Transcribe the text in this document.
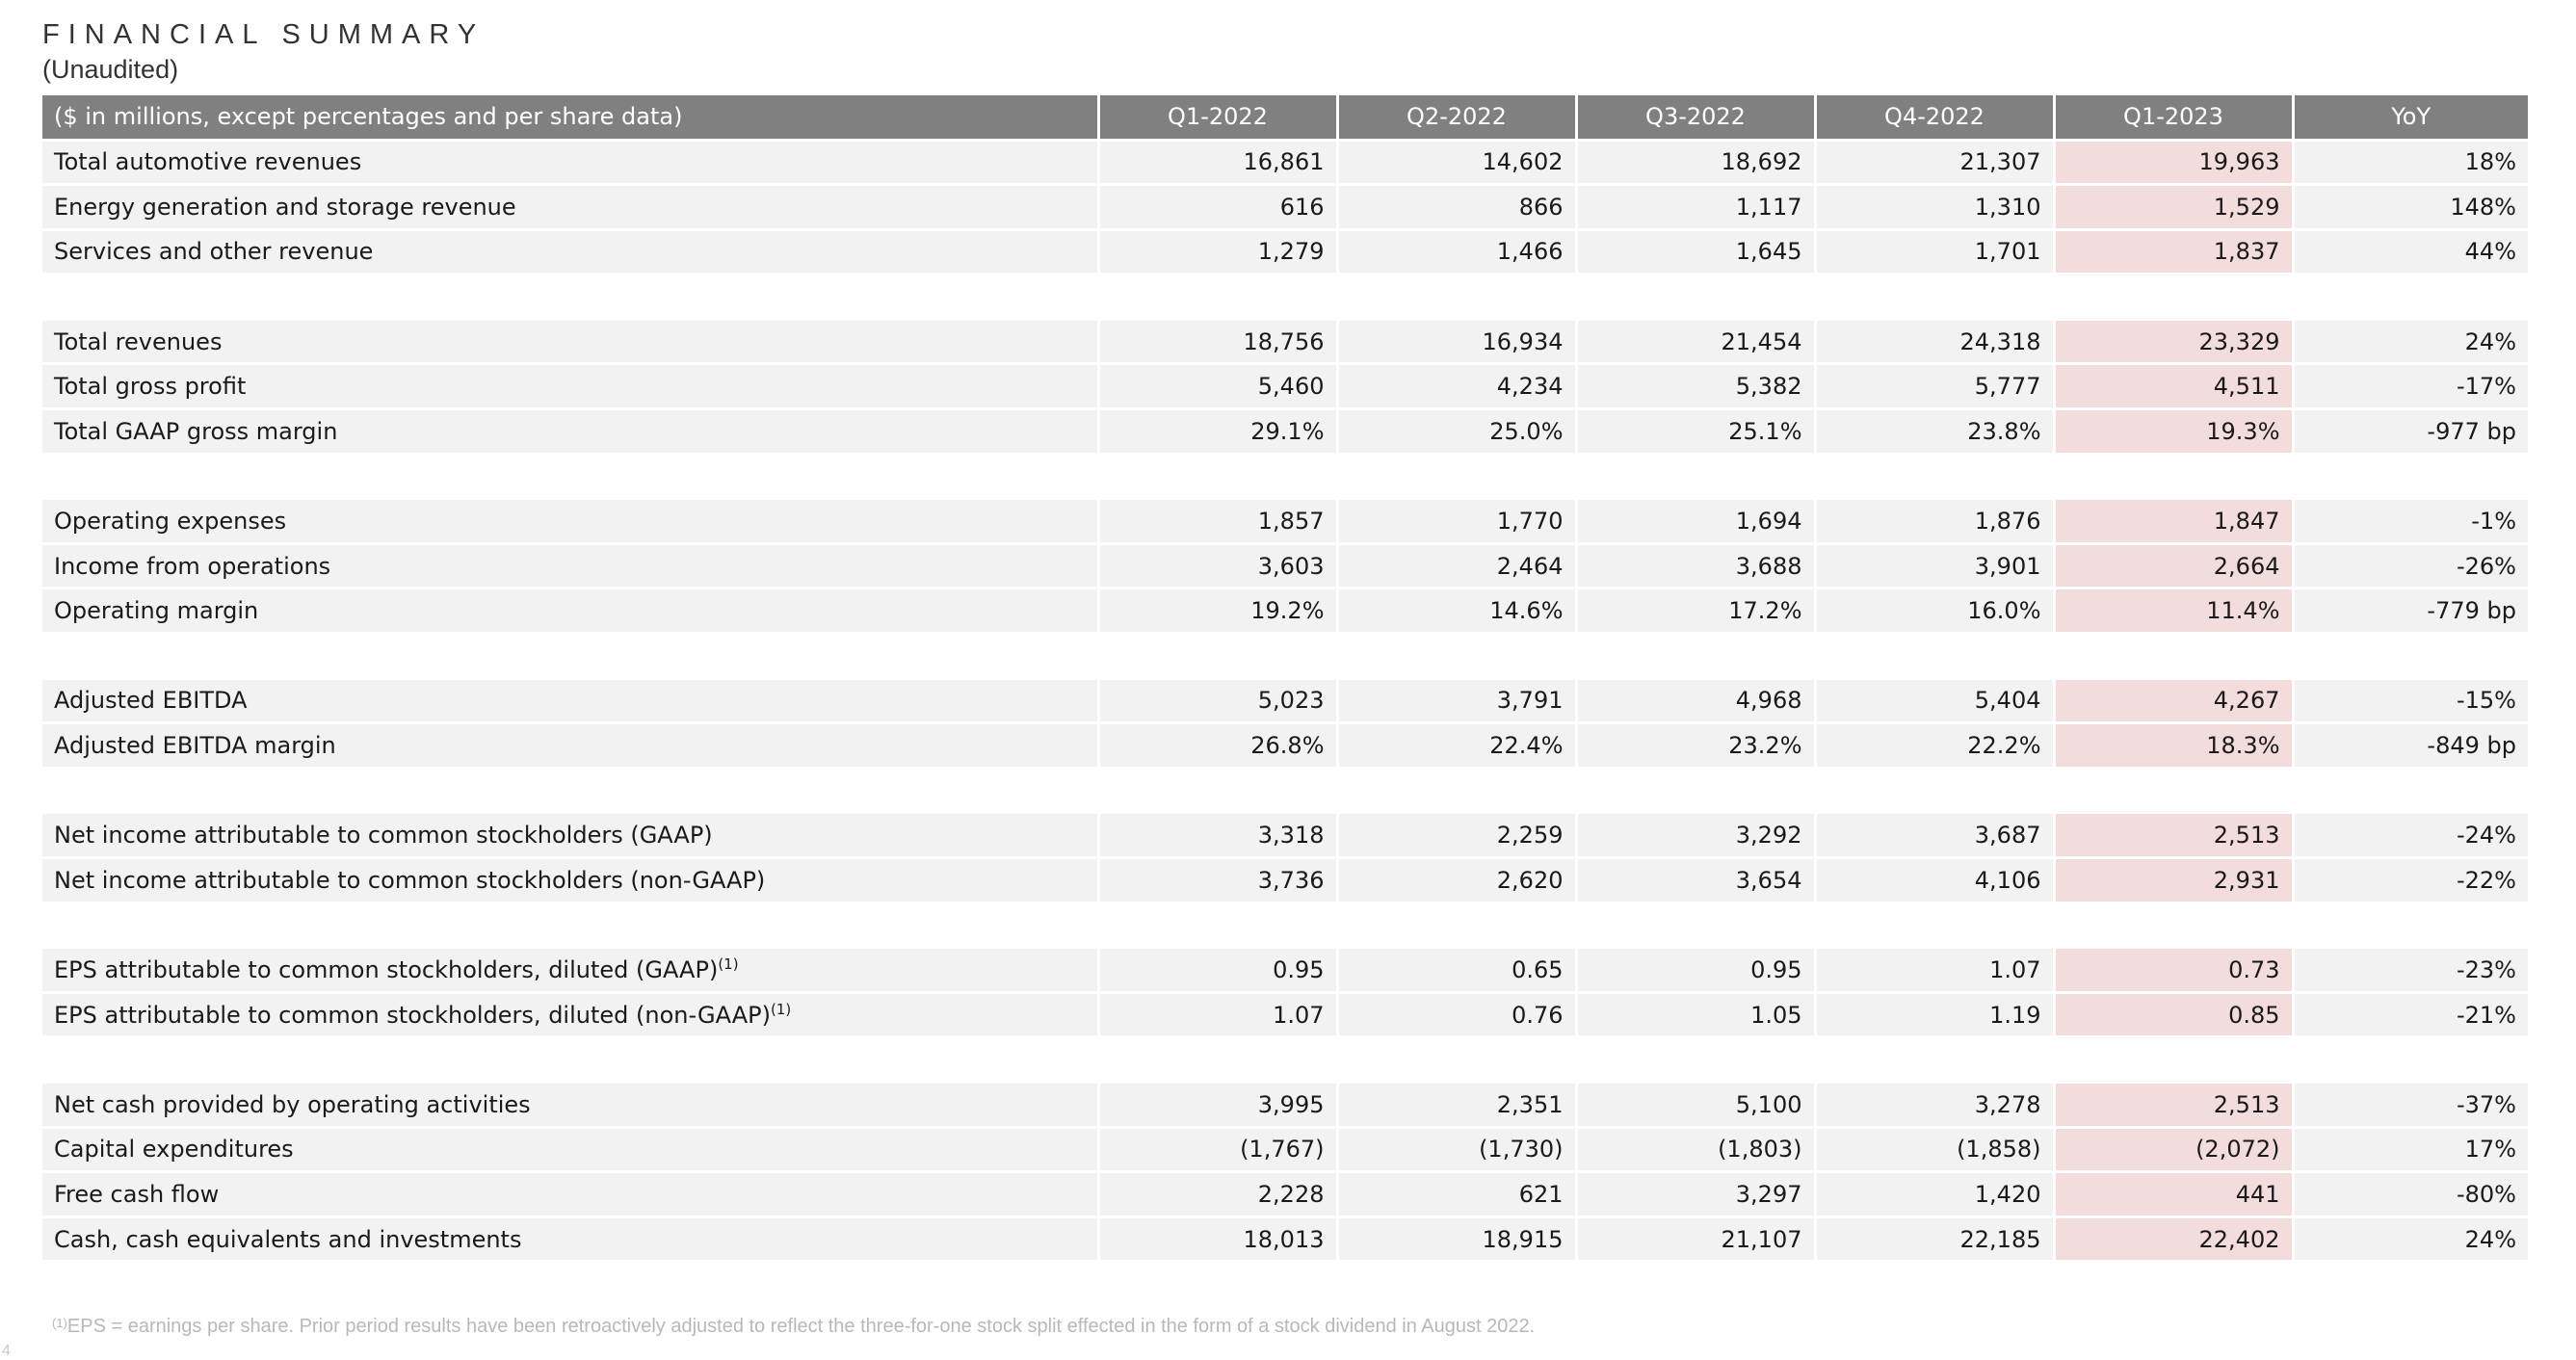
FINANCIAL SUMMARY
(Unaudited)
($ in millions, except percentages and per share data)	Q1-2022	Q2-2022	Q3-2022	Q4-2022	Q1-2023	YoY
Total automotive revenues	16,861	14,602	18,692	21,307	19,963	18%
Energy generation and storage revenue	616	866	1,117	1,310	1,529	148%
Services and other revenue	1,279	1,466	1,645	1,701	1,837	44%

Total revenues	18,756	16,934	21,454	24,318	23,329	24%
Total gross profit	5,460	4,234	5,382	5,777	4,511	-17%
Total GAAP gross margin	29.1%	25.0%	25.1%	23.8%	19.3%	-977 bp

Operating expenses	1,857	1,770	1,694	1,876	1,847	-1%
Income from operations	3,603	2,464	3,688	3,901	2,664	-26%
Operating margin	19.2%	14.6%	17.2%	16.0%	11.4%	-779 bp

Adjusted EBITDA	5,023	3,791	4,968	5,404	4,267	-15%
Adjusted EBITDA margin	26.8%	22.4%	23.2%	22.2%	18.3%	-849 bp

Net income attributable to common stockholders (GAAP)	3,318	2,259	3,292	3,687	2,513	-24%
Net income attributable to common stockholders (non-GAAP)	3,736	2,620	3,654	4,106	2,931	-22%

EPS attributable to common stockholders, diluted (GAAP)$^{(1)}$	0.95	0.65	0.95	1.07	0.73	-23%
EPS attributable to common stockholders, diluted (non-GAAP)$^{(1)}$	1.07	0.76	1.05	1.19	0.85	-21%

Net cash provided by operating activities	3,995	2,351	5,100	3,278	2,513	-37%
Capital expenditures	(1,767)	(1,730)	(1,803)	(1,858)	(2,072)	17%
Free cash flow	2,228	621	3,297	1,420	441	-80%
Cash, cash equivalents and investments	18,013	18,915	21,107	22,185	22,402	24%
$^{(1)}$EPS = earnings per share. Prior period results have been retroactively adjusted to reflect the three-for-one stock split effected in the form of a stock dividend in August 2022.
4
